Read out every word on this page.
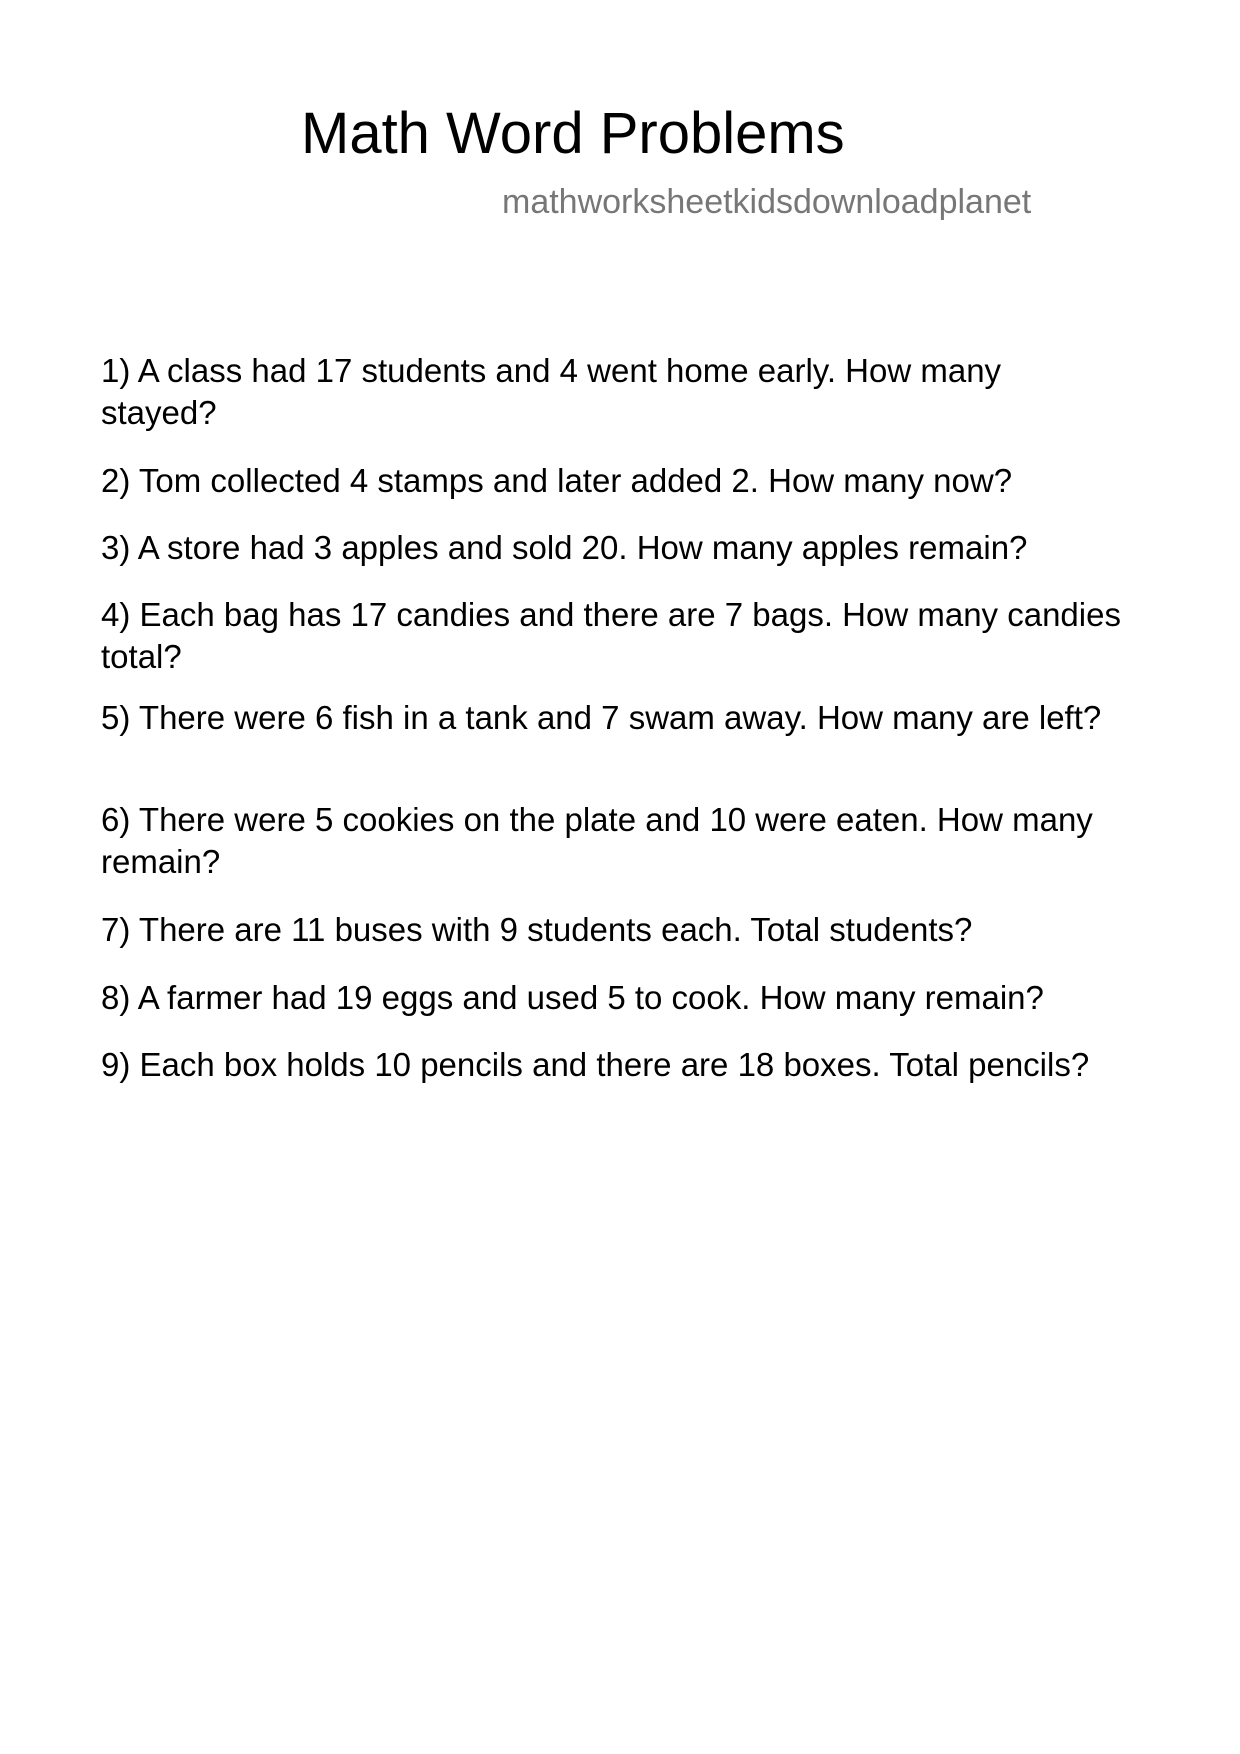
Math Word Problems
mathworksheetkidsdownloadplanet

1) A class had 17 students and 4 went home early. How many stayed?

2) Tom collected 4 stamps and later added 2. How many now?

3) A store had 3 apples and sold 20. How many apples remain?

4) Each bag has 17 candies and there are 7 bags. How many candies total?

5) There were 6 fish in a tank and 7 swam away. How many are left?

6) There were 5 cookies on the plate and 10 were eaten. How many remain?

7) There are 11 buses with 9 students each. Total students?

8) A farmer had 19 eggs and used 5 to cook. How many remain?

9) Each box holds 10 pencils and there are 18 boxes. Total pencils?
